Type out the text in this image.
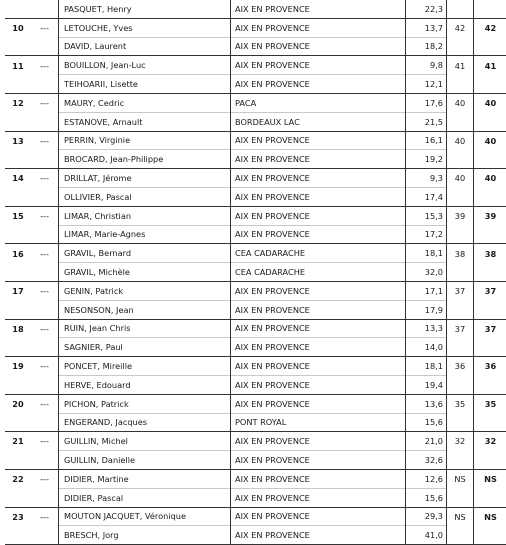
		PASQUET, Henry	AIX EN PROVENCE	22,3		
10	---	LETOUCHE, Yves	AIX EN PROVENCE	13,7	42	42
		DAVID, Laurent	AIX EN PROVENCE	18,2		
11	---	BOUILLON, Jean-Luc	AIX EN PROVENCE	9,8	41	41
		TEIHOARII, Lisette	AIX EN PROVENCE	12,1		
12	---	MAURY, Cedric	PACA	17,6	40	40
		ESTANOVE, Arnault	BORDEAUX LAC	21,5		
13	---	PERRIN, Virginie	AIX EN PROVENCE	16,1	40	40
		BROCARD, Jean-Philippe	AIX EN PROVENCE	19,2		
14	---	DRILLAT, Jérome	AIX EN PROVENCE	9,3	40	40
		OLLIVIER, Pascal	AIX EN PROVENCE	17,4		
15	---	LIMAR, Christian	AIX EN PROVENCE	15,3	39	39
		LIMAR, Marie-Agnes	AIX EN PROVENCE	17,2		
16	---	GRAVIL, Bernard	CEA CADARACHE	18,1	38	38
		GRAVIL, Michèle	CEA CADARACHE	32,0		
17	---	GENIN, Patrick	AIX EN PROVENCE	17,1	37	37
		NESONSON, Jean	AIX EN PROVENCE	17,9		
18	---	RUIN, Jean Chris	AIX EN PROVENCE	13,3	37	37
		SAGNIER, Paul	AIX EN PROVENCE	14,0		
19	---	PONCET, Mireille	AIX EN PROVENCE	18,1	36	36
		HERVE, Edouard	AIX EN PROVENCE	19,4		
20	---	PICHON, Patrick	AIX EN PROVENCE	13,6	35	35
		ENGERAND, Jacques	PONT ROYAL	15,6		
21	---	GUILLIN, Michel	AIX EN PROVENCE	21,0	32	32
		GUILLIN, Danielle	AIX EN PROVENCE	32,6		
22	---	DIDIER, Martine	AIX EN PROVENCE	12,6	NS	NS
		DIDIER, Pascal	AIX EN PROVENCE	15,6		
23	---	MOUTON JACQUET, Véronique	AIX EN PROVENCE	29,3	NS	NS
		BRESCH, Jorg	AIX EN PROVENCE	41,0		
